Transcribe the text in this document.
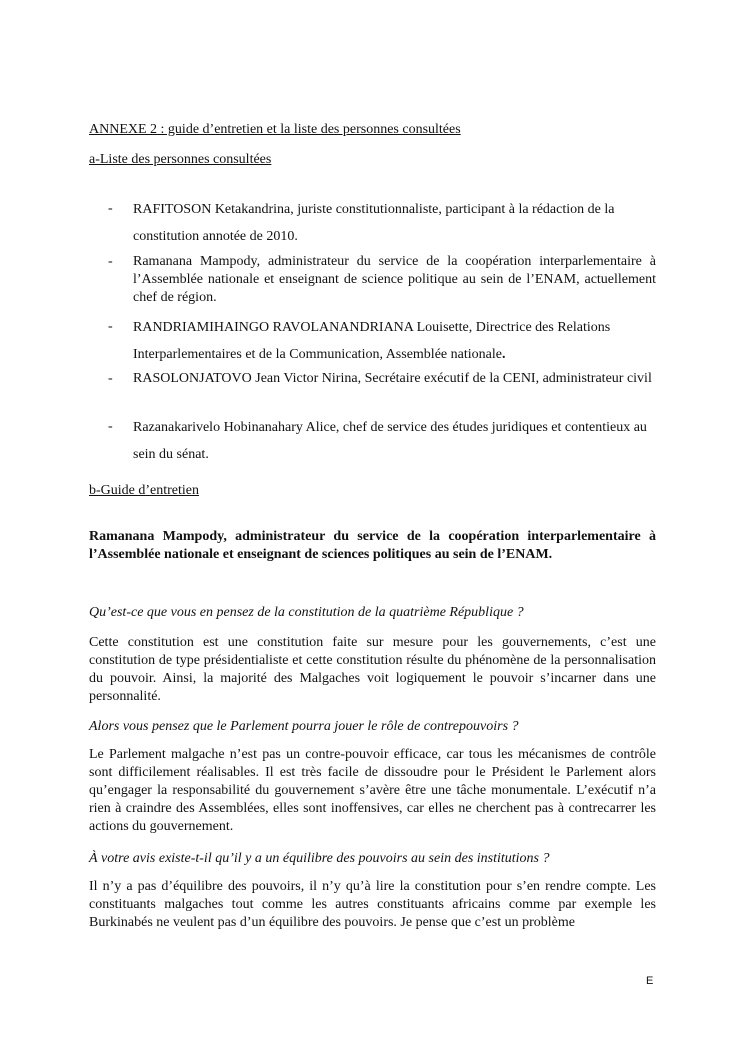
ANNEXE 2 : guide d’entretien et la liste des personnes consultées
a-Liste des personnes consultées
-	RAFITOSON Ketakandrina, juriste constitutionnaliste, participant à la rédaction de la constitution annotée de 2010.
-	Ramanana Mampody, administrateur du service de la coopération interparlementaire à l’Assemblée nationale et enseignant de science politique au sein de l’ENAM, actuellement chef de région.
-	RANDRIAMIHAINGO RAVOLANANDRIANA Louisette, Directrice des Relations Interparlementaires et de la Communication, Assemblée nationale.
-	RASOLONJATOVO Jean Victor Nirina, Secrétaire exécutif de la CENI, administrateur civil
-	Razanakarivelo Hobinanahary Alice, chef de service des études juridiques et contentieux au sein du sénat.
b-Guide d’entretien
Ramanana Mampody, administrateur du service de la coopération interparlementaire à l’Assemblée nationale et enseignant de sciences politiques au sein de l’ENAM.
Qu’est-ce que vous en pensez de la constitution de la quatrième République ?
Cette constitution est une constitution faite sur mesure pour les gouvernements, c’est une constitution de type présidentialiste et cette constitution résulte du phénomène de la personnalisation du pouvoir. Ainsi, la majorité des Malgaches voit logiquement le pouvoir s’incarner dans une personnalité.
Alors vous pensez que le Parlement pourra jouer le rôle de contrepouvoirs ?
Le Parlement malgache n’est pas un contre-pouvoir efficace, car tous les mécanismes de contrôle sont difficilement réalisables. Il est très facile de dissoudre pour le Président le Parlement alors qu’engager la responsabilité du gouvernement s’avère être une tâche monumentale. L’exécutif n’a rien à craindre des Assemblées, elles sont inoffensives, car elles ne cherchent pas à contrecarrer les actions du gouvernement.
À votre avis existe-t-il qu’il y a un équilibre des pouvoirs au sein des institutions ?
Il n’y a pas d’équilibre des pouvoirs, il n’y qu’à lire la constitution pour s’en rendre compte. Les constituants malgaches tout comme les autres constituants africains comme par exemple les Burkinabés ne veulent pas d’un équilibre des pouvoirs. Je pense que c’est un problème
E
